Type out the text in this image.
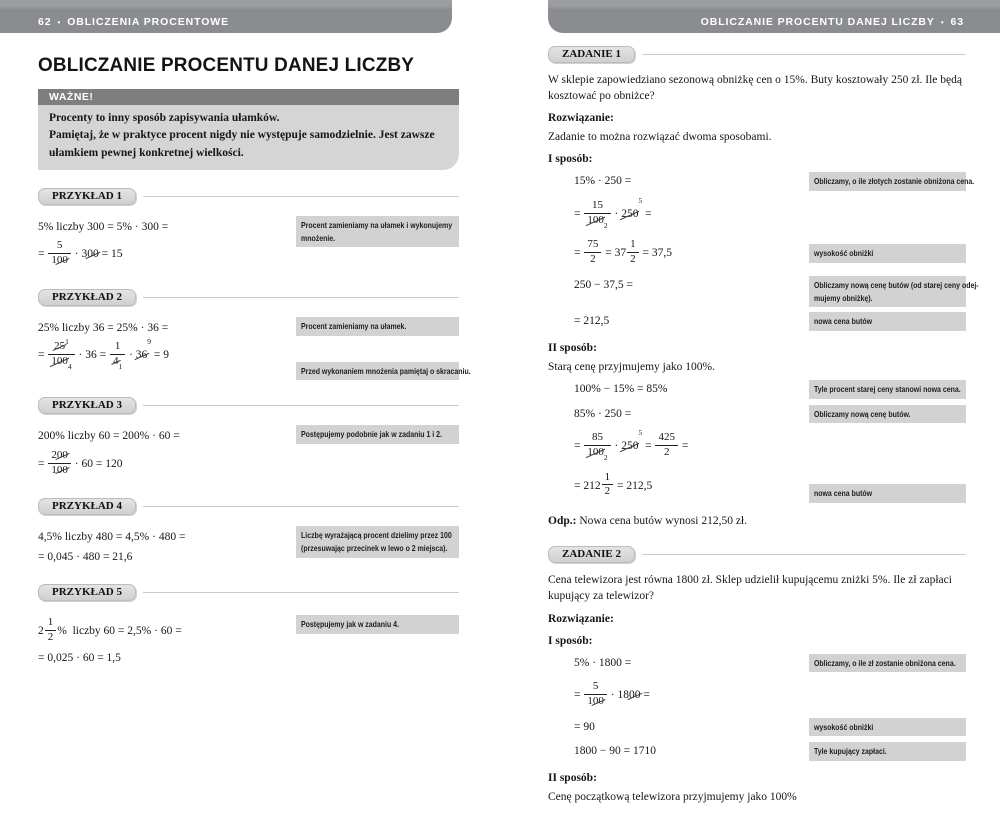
62 • OBLICZENIA PROCENTOWE	OBLICZANIE PROCENTU DANEJ LICZBY • 63
OBLICZANIE PROCENTU DANEJ LICZBY
WAŻNE!
Procenty to inny sposób zapisywania ułamków.
Pamiętaj, że w praktyce procent nigdy nie występuje samodzielnie. Jest zawsze ułamkiem pewnej konkretnej wielkości.
PRZYKŁAD 1
5% liczby 300 = 5% · 300 =
= $\frac{5}{100} \cdot 300$
= 15
Procent zamieniamy na ułamek i wykonujemy
mnożenie.
PRZYKŁAD 2
25% liczby 36 = 25% · 36 =
= 25
$^1$
100
$_4$ · 36 = 1
4
$_1$ · 36
$^9$ = 9
Procent zamieniamy na ułamek.
Przed wykonaniem mnożenia pamiętaj o skracaniu.
PRZYKŁAD 3
200% liczby 60 = 200% · 60 =
= $\frac{200}{100} \cdot 60 = 120$
Postępujemy podobnie jak w zadaniu 1 i 2.
PRZYKŁAD 4
4,5% liczby 480 = 4,5% · 480 =
= 0,045 · 480 = 21,6
Liczbę wyrażającą procent dzielimy przez 100
(przesuwając przecinek w lewo o 2 miejsca).
PRZYKŁAD 5
$2 \frac{1}{2}$ %  liczby 60 = 2,5% · 60 =
= 0,025 · 60 = 1,5
Postępujemy jak w zadaniu 4.
ZADANIE 1
W sklepie zapowiedziano sezonową obniżkę cen o 15%. Buty kosztowały 250 zł. Ile będą kosztować po obniżce?
Rozwiązanie:
Zadanie to można rozwiązać dwoma sposobami.
I sposób:
15% · 250 =	Obliczamy, o ile złotych zostanie obniżona cena.
= 15
100
$_2$ · 250
$^5$ =
= $\frac{75}{2} = 37 \frac{1}{2} = 37,5$	wysokość obniżki
250 − 37,5 =	Obliczamy nową cenę butów (od starej ceny odej-
mujemy obniżkę).
= 212,5	nowa cena butów
II sposób:
Starą cenę przyjmujemy jako 100%.
100% − 15% = 85%	Tyle procent starej ceny stanowi nowa cena.
85% · 250 =	Obliczamy nową cenę butów.
= 85
100
$_2$ · 250
$^5 = \frac{425}{2}$ =
= $212 \frac{1}{2} = 212,5$
nowa cena butów
Odp.: Nowa cena butów wynosi 212,50 zł.
ZADANIE 2
Cena telewizora jest równa 1800 zł. Sklep udzielił kupującemu zniżki 5%. Ile zł zapłaci kupujący za telewizor?
Rozwiązanie:
I sposób:
5% · 1800 =	Obliczamy, o ile zł zostanie obniżona cena.
= $\frac{5}{100} \cdot 1800$
=
= 90	wysokość obniżki
1800 − 90 = 1710	Tyle kupujący zapłaci.
II sposób:
Cenę początkową telewizora przyjmujemy jako 100%
